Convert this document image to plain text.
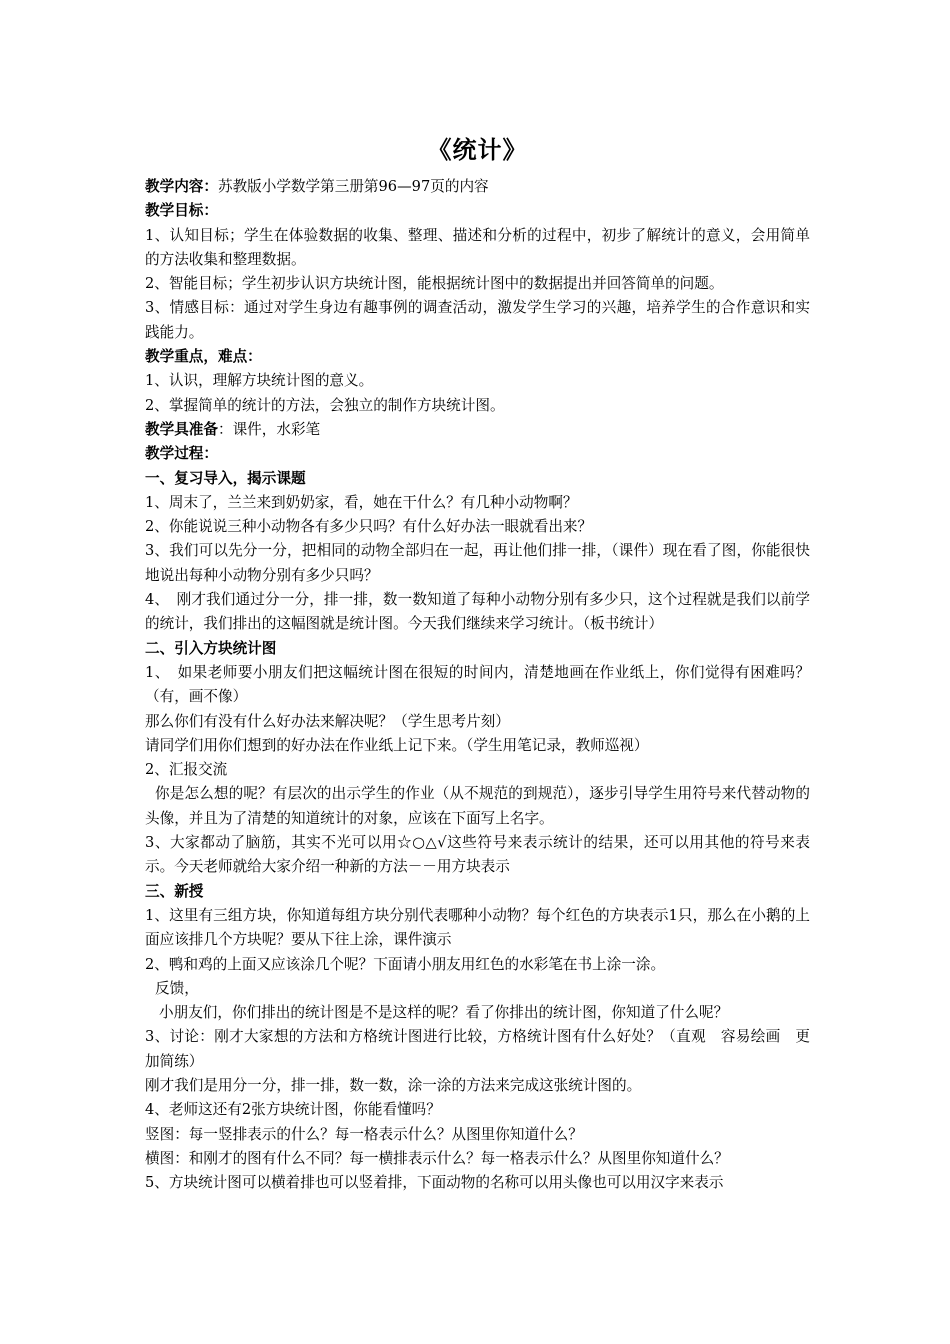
《统计》

教学内容：苏教版小学数学第三册第96—97页的内容

教学目标：

1、认知目标；学生在体验数据的收集、整理、描述和分析的过程中，初步了解统计的意义，会用简单的方法收集和整理数据。

2、智能目标；学生初步认识方块统计图，能根据统计图中的数据提出并回答简单的问题。

3、情感目标：通过对学生身边有趣事例的调查活动，激发学生学习的兴趣，培养学生的合作意识和实践能力。

教学重点，难点：

1、认识，理解方块统计图的意义。

2、掌握简单的统计的方法，会独立的制作方块统计图。

教学具准备：课件，水彩笔

教学过程：

一、复习导入，揭示课题

1、周末了，兰兰来到奶奶家，看，她在干什么？有几种小动物啊？

2、你能说说三种小动物各有多少只吗？有什么好办法一眼就看出来？

3、我们可以先分一分，把相同的动物全部归在一起，再让他们排一排，（课件）现在看了图，你能很快地说出每种小动物分别有多少只吗？

4、　刚才我们通过分一分，排一排，数一数知道了每种小动物分别有多少只，这个过程就是我们以前学的统计，我们排出的这幅图就是统计图。今天我们继续来学习统计。（板书统计）

二、引入方块统计图

1、　如果老师要小朋友们把这幅统计图在很短的时间内，清楚地画在作业纸上，你们觉得有困难吗？（有，画不像）

那么你们有没有什么好办法来解决呢？（学生思考片刻）

请同学们用你们想到的好办法在作业纸上记下来。（学生用笔记录，教师巡视）

2、汇报交流

你是怎么想的呢？有层次的出示学生的作业（从不规范的到规范），逐步引导学生用符号来代替动物的头像，并且为了清楚的知道统计的对象，应该在下面写上名字。

3、大家都动了脑筋，其实不光可以用☆○△√这些符号来表示统计的结果，还可以用其他的符号来表示。今天老师就给大家介绍一种新的方法－－用方块表示

三、新授

1、这里有三组方块，你知道每组方块分别代表哪种小动物？每个红色的方块表示1只，那么在小鹅的上面应该排几个方块呢？要从下往上涂，课件演示

2、鸭和鸡的上面又应该涂几个呢？下面请小朋友用红色的水彩笔在书上涂一涂。

反馈，

小朋友们，你们排出的统计图是不是这样的呢？看了你排出的统计图，你知道了什么呢？

3、讨论：刚才大家想的方法和方格统计图进行比较，方格统计图有什么好处？（直观　容易绘画　更加简练）

刚才我们是用分一分，排一排，数一数，涂一涂的方法来完成这张统计图的。

4、老师这还有2张方块统计图，你能看懂吗？

竖图：每一竖排表示的什么？每一格表示什么？从图里你知道什么？

横图：和刚才的图有什么不同？每一横排表示什么？每一格表示什么？从图里你知道什么？

5、方块统计图可以横着排也可以竖着排，下面动物的名称可以用头像也可以用汉字来表示
